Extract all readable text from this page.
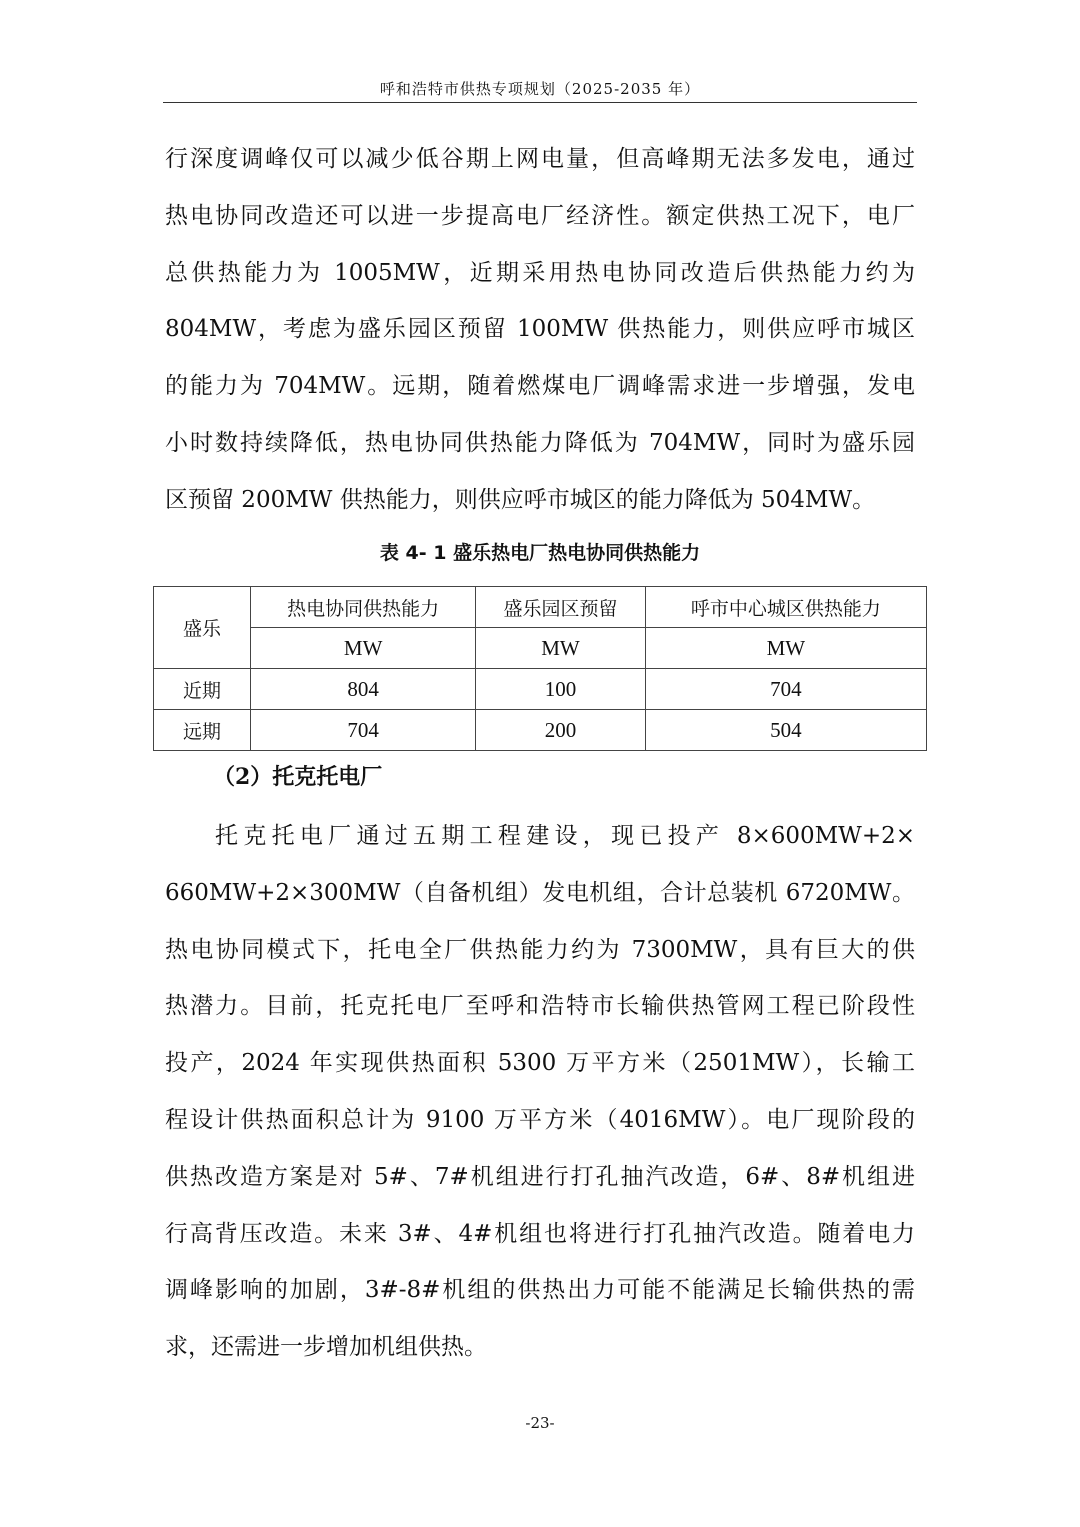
呼和浩特市供热专项规划（2025-2035 年）
行深度调峰仅可以减少低谷期上网电量，但高峰期无法多发电，通过
热电协同改造还可以进一步提高电厂经济性。额定供热工况下，电厂
总供热能力为 1005MW，近期采用热电协同改造后供热能力约为
804MW，考虑为盛乐园区预留 100MW 供热能力，则供应呼市城区
的能力为 704MW。远期，随着燃煤电厂调峰需求进一步增强，发电
小时数持续降低，热电协同供热能力降低为 704MW，同时为盛乐园
区预留 200MW 供热能力，则供应呼市城区的能力降低为 504MW。
表 4- 1 盛乐热电厂热电协同供热能力
盛乐	热电协同供热能力	盛乐园区预留	呼市中心城区供热能力
	MW	MW	MW
近期	804	100	704
远期	704	200	504
（2）托克托电厂
托克托电厂通过五期工程建设，现已投产 8×600MW+2×
660MW+2×300MW（自备机组）发电机组，合计总装机 6720MW。
热电协同模式下，托电全厂供热能力约为 7300MW，具有巨大的供
热潜力。目前，托克托电厂至呼和浩特市长输供热管网工程已阶段性
投产，2024 年实现供热面积 5300 万平方米（2501MW），长输工
程设计供热面积总计为 9100 万平方米（4016MW）。电厂现阶段的
供热改造方案是对 5#、7#机组进行打孔抽汽改造，6#、8#机组进
行高背压改造。未来 3#、4#机组也将进行打孔抽汽改造。随着电力
调峰影响的加剧，3#-8#机组的供热出力可能不能满足长输供热的需
求，还需进一步增加机组供热。
-23-
